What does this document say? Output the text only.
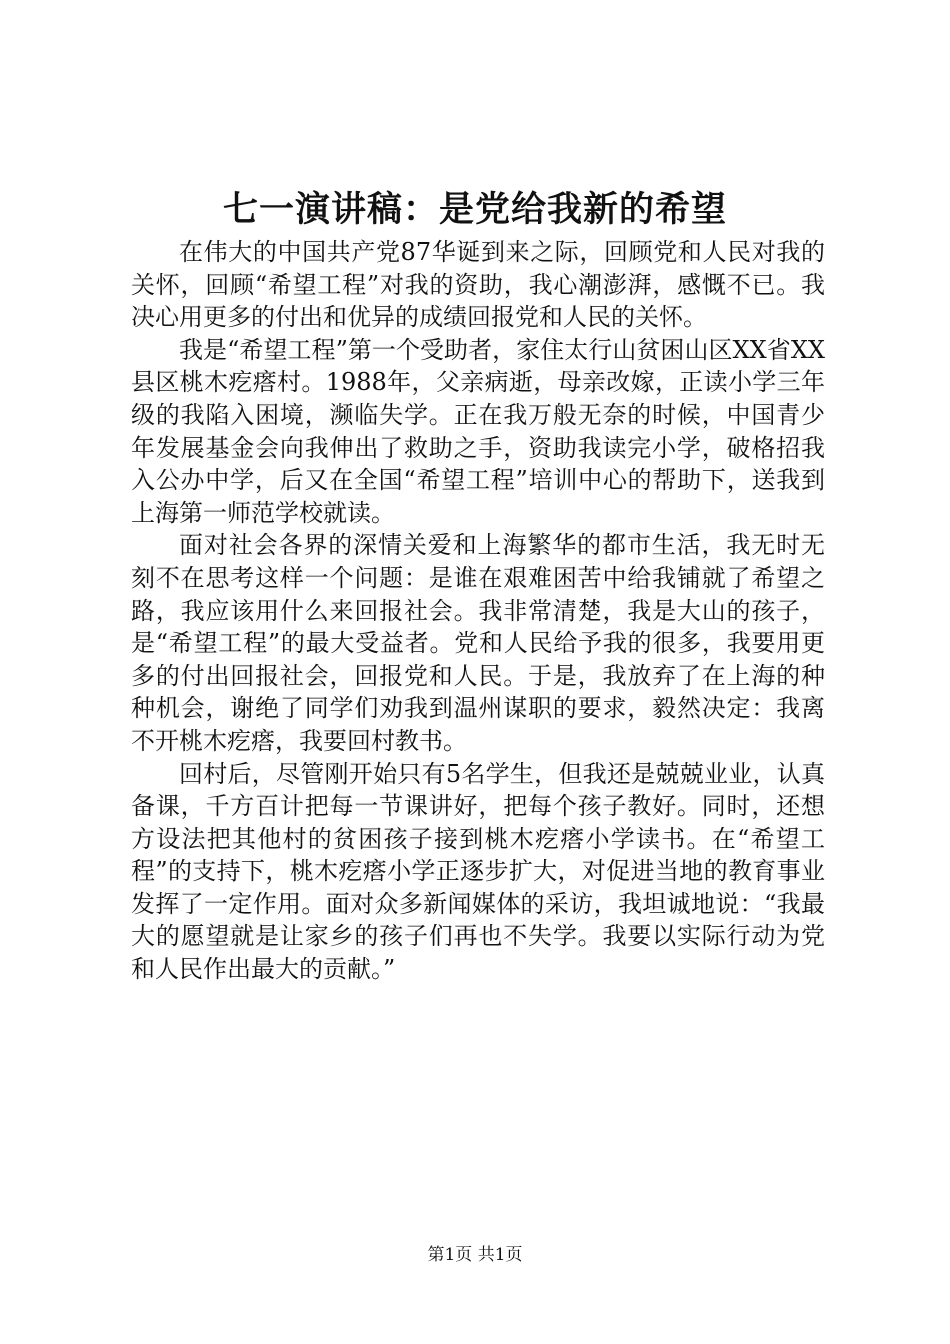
七一演讲稿：是党给我新的希望

在伟大的中国共产党87华诞到来之际，回顾党和人民对我的关怀，回顾“希望工程”对我的资助，我心潮澎湃，感慨不已。我决心用更多的付出和优异的成绩回报党和人民的关怀。

我是“希望工程”第一个受助者，家住太行山贫困山区XX省XX县区桃木疙瘩村。1988年，父亲病逝，母亲改嫁，正读小学三年级的我陷入困境，濒临失学。正在我万般无奈的时候，中国青少年发展基金会向我伸出了救助之手，资助我读完小学，破格招我入公办中学，后又在全国“希望工程”培训中心的帮助下，送我到上海第一师范学校就读。

面对社会各界的深情关爱和上海繁华的都市生活，我无时无刻不在思考这样一个问题：是谁在艰难困苦中给我铺就了希望之路，我应该用什么来回报社会。我非常清楚，我是大山的孩子，是“希望工程”的最大受益者。党和人民给予我的很多，我要用更多的付出回报社会，回报党和人民。于是，我放弃了在上海的种种机会，谢绝了同学们劝我到温州谋职的要求，毅然决定：我离不开桃木疙瘩，我要回村教书。

回村后，尽管刚开始只有5名学生，但我还是兢兢业业，认真备课，千方百计把每一节课讲好，把每个孩子教好。同时，还想方设法把其他村的贫困孩子接到桃木疙瘩小学读书。在“希望工程”的支持下，桃木疙瘩小学正逐步扩大，对促进当地的教育事业发挥了一定作用。面对众多新闻媒体的采访，我坦诚地说：“我最大的愿望就是让家乡的孩子们再也不失学。我要以实际行动为党和人民作出最大的贡献。”

第1页 共1页
